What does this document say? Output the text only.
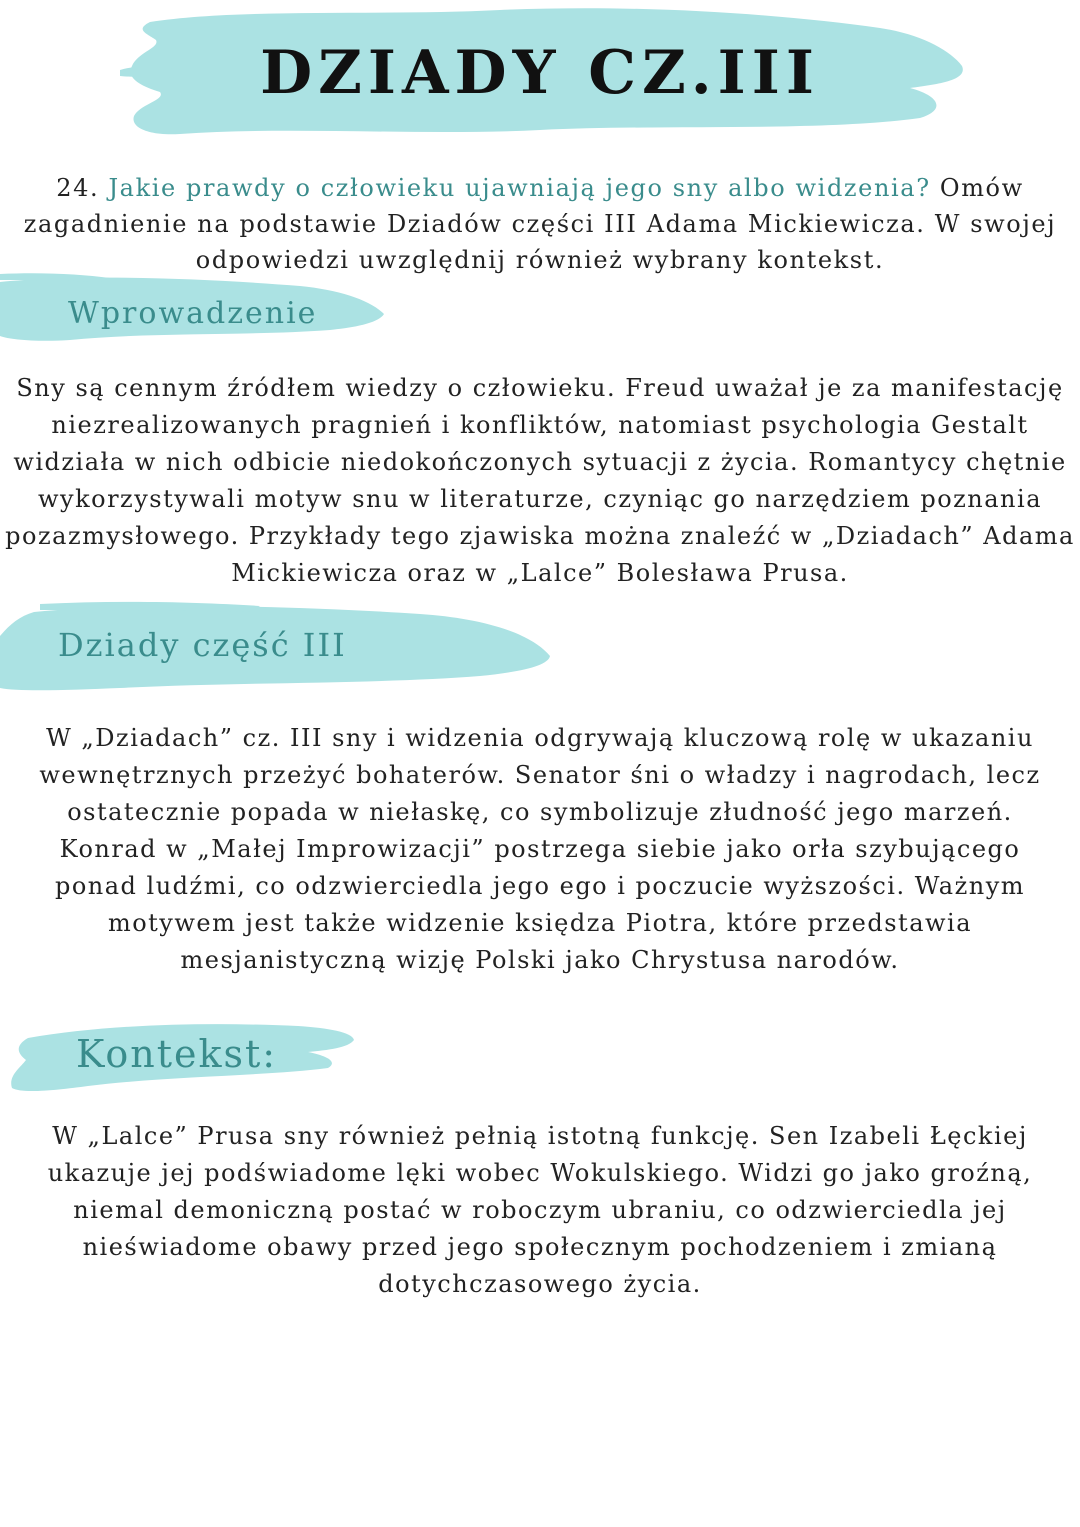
DZIADY CZ.III

24. Jakie prawdy o człowieku ujawniają jego sny albo widzenia? Omów zagadnienie na podstawie Dziadów części III Adama Mickiewicza. W swojej odpowiedzi uwzględnij również wybrany kontekst.

Wprowadzenie

Sny są cennym źródłem wiedzy o człowieku. Freud uważał je za manifestację niezrealizowanych pragnień i konfliktów, natomiast psychologia Gestalt widziała w nich odbicie niedokończonych sytuacji z życia. Romantycy chętnie wykorzystywali motyw snu w literaturze, czyniąc go narzędziem poznania pozazmysłowego. Przykłady tego zjawiska można znaleźć w „Dziadach” Adama Mickiewicza oraz w „Lalce” Bolesława Prusa.

Dziady część III

W „Dziadach” cz. III sny i widzenia odgrywają kluczową rolę w ukazaniu wewnętrznych przeżyć bohaterów. Senator śni o władzy i nagrodach, lecz ostatecznie popada w niełaskę, co symbolizuje złudność jego marzeń. Konrad w „Małej Improwizacji” postrzega siebie jako orła szybującego ponad ludźmi, co odzwierciedla jego ego i poczucie wyższości. Ważnym motywem jest także widzenie księdza Piotra, które przedstawia mesjanistyczną wizję Polski jako Chrystusa narodów.

Kontekst:

W „Lalce” Prusa sny również pełnią istotną funkcję. Sen Izabeli Łęckiej ukazuje jej podświadome lęki wobec Wokulskiego. Widzi go jako groźną, niemal demoniczną postać w roboczym ubraniu, co odzwierciedla jej nieświadome obawy przed jego społecznym pochodzeniem i zmianą dotychczasowego życia.
